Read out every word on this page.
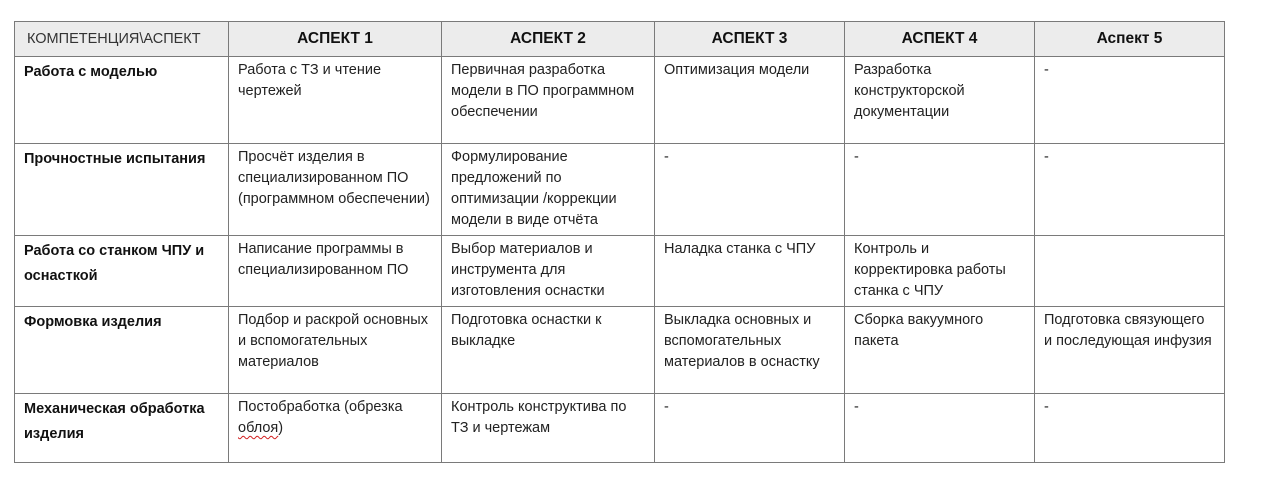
КОМПЕТЕНЦИЯ\АСПЕКТ	АСПЕКТ 1	АСПЕКТ 2	АСПЕКТ 3	АСПЕКТ 4	Аспект 5
Работа с моделью	Работа с ТЗ и чтение чертежей	Первичная разработка модели в ПО программном обеспечении	Оптимизация модели	Разработка конструкторской документации	-
Прочностные испытания	Просчёт изделия в специализированном ПО (программном обеспечении)	Формулирование предложений по оптимизации /коррекции модели в виде отчёта	-	-	-
Работа со станком ЧПУ и оснасткой	Написание программы в специализированном ПО	Выбор материалов и инструмента для изготовления оснастки	Наладка станка с ЧПУ	Контроль и корректировка работы станка с ЧПУ	
Формовка изделия	Подбор и раскрой основных и вспомогательных материалов	Подготовка оснастки к выкладке	Выкладка основных и вспомогательных материалов в оснастку	Сборка вакуумного пакета	Подготовка связующего и последующая инфузия
Механическая обработка изделия	Постобработка (обрезка облоя)	Контроль конструктива по ТЗ и чертежам	-	-	-
